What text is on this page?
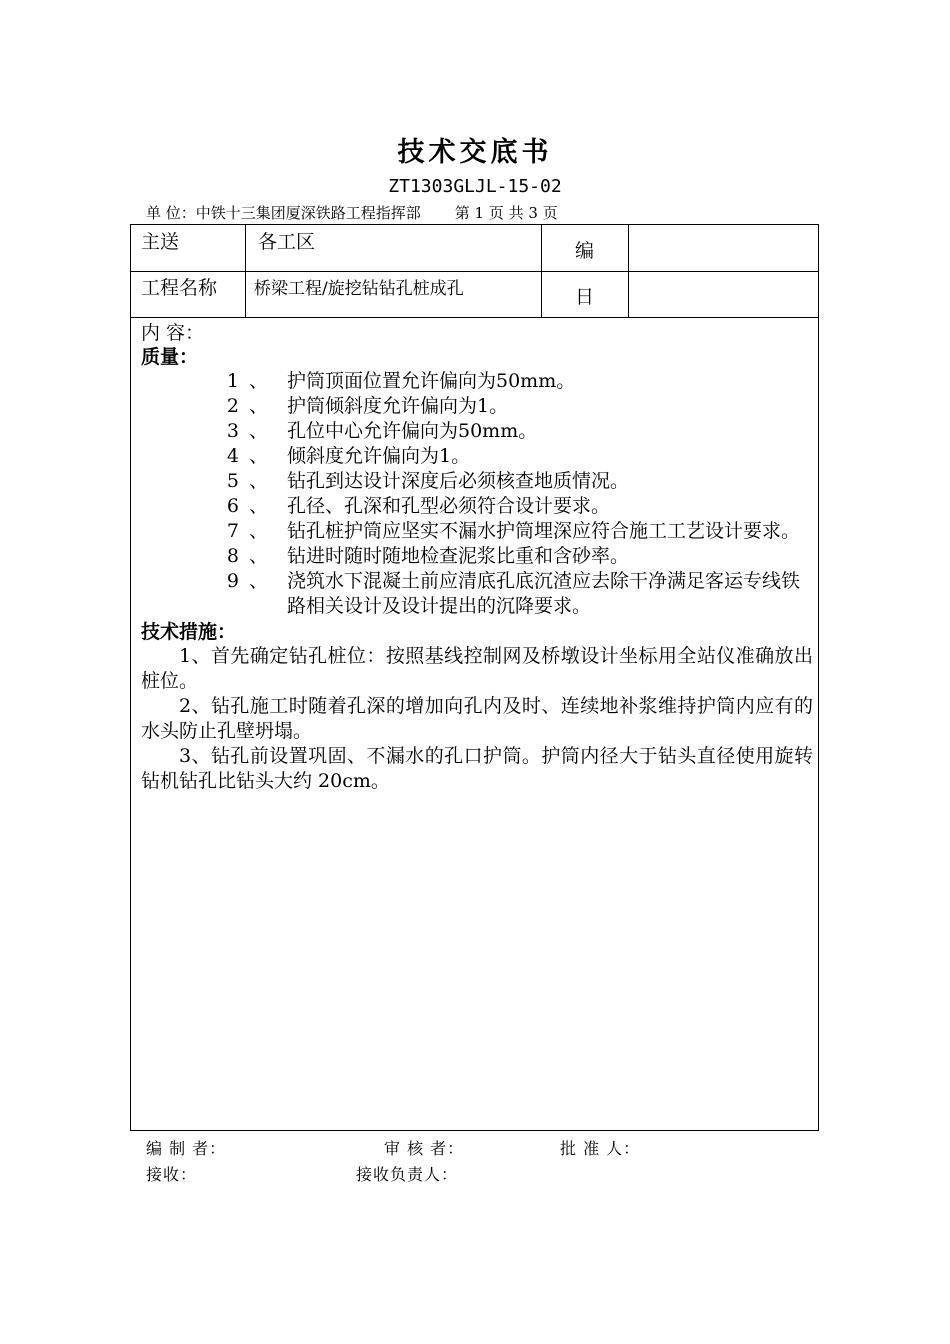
技术交底书
ZT1303GLJL-15-02
单 位：中铁十三集团厦深铁路工程指挥部 第 1 页 共 3 页
主送	各工区	编
工程名称 桥梁工程/旋挖钻钻孔桩成孔	日
内 容：
质量：
1 、 护筒顶面位置允许偏向为50mm。
2 、 护筒倾斜度允许偏向为1。
3 、 孔位中心允许偏向为50mm。
4 、 倾斜度允许偏向为1。
5 、 钻孔到达设计深度后必须核查地质情况。
6 、 孔径、孔深和孔型必须符合设计要求。
7 、 钻孔桩护筒应坚实不漏水护筒埋深应符合施工工艺设计要求。
8 、 钻进时随时随地检查泥浆比重和含砂率。
9 、 浇筑水下混凝土前应清底孔底沉渣应去除干净满足客运专线铁路相关设计及设计提出的沉降要求。
技术措施：

1、首先确定钻孔桩位：按照基线控制网及桥墩设计坐标用全站仪准确放出桩位。

2、钻孔施工时随着孔深的增加向孔内及时、连续地补浆维持护筒内应有的水头防止孔壁坍塌。

3、钻孔前设置巩固、不漏水的孔口护筒。护筒内径大于钻头直径使用旋转钻机钻孔比钻头大约 20cm。

编 制 者：	审 核 者：	批 准 人：
接收：	接收负责人：
